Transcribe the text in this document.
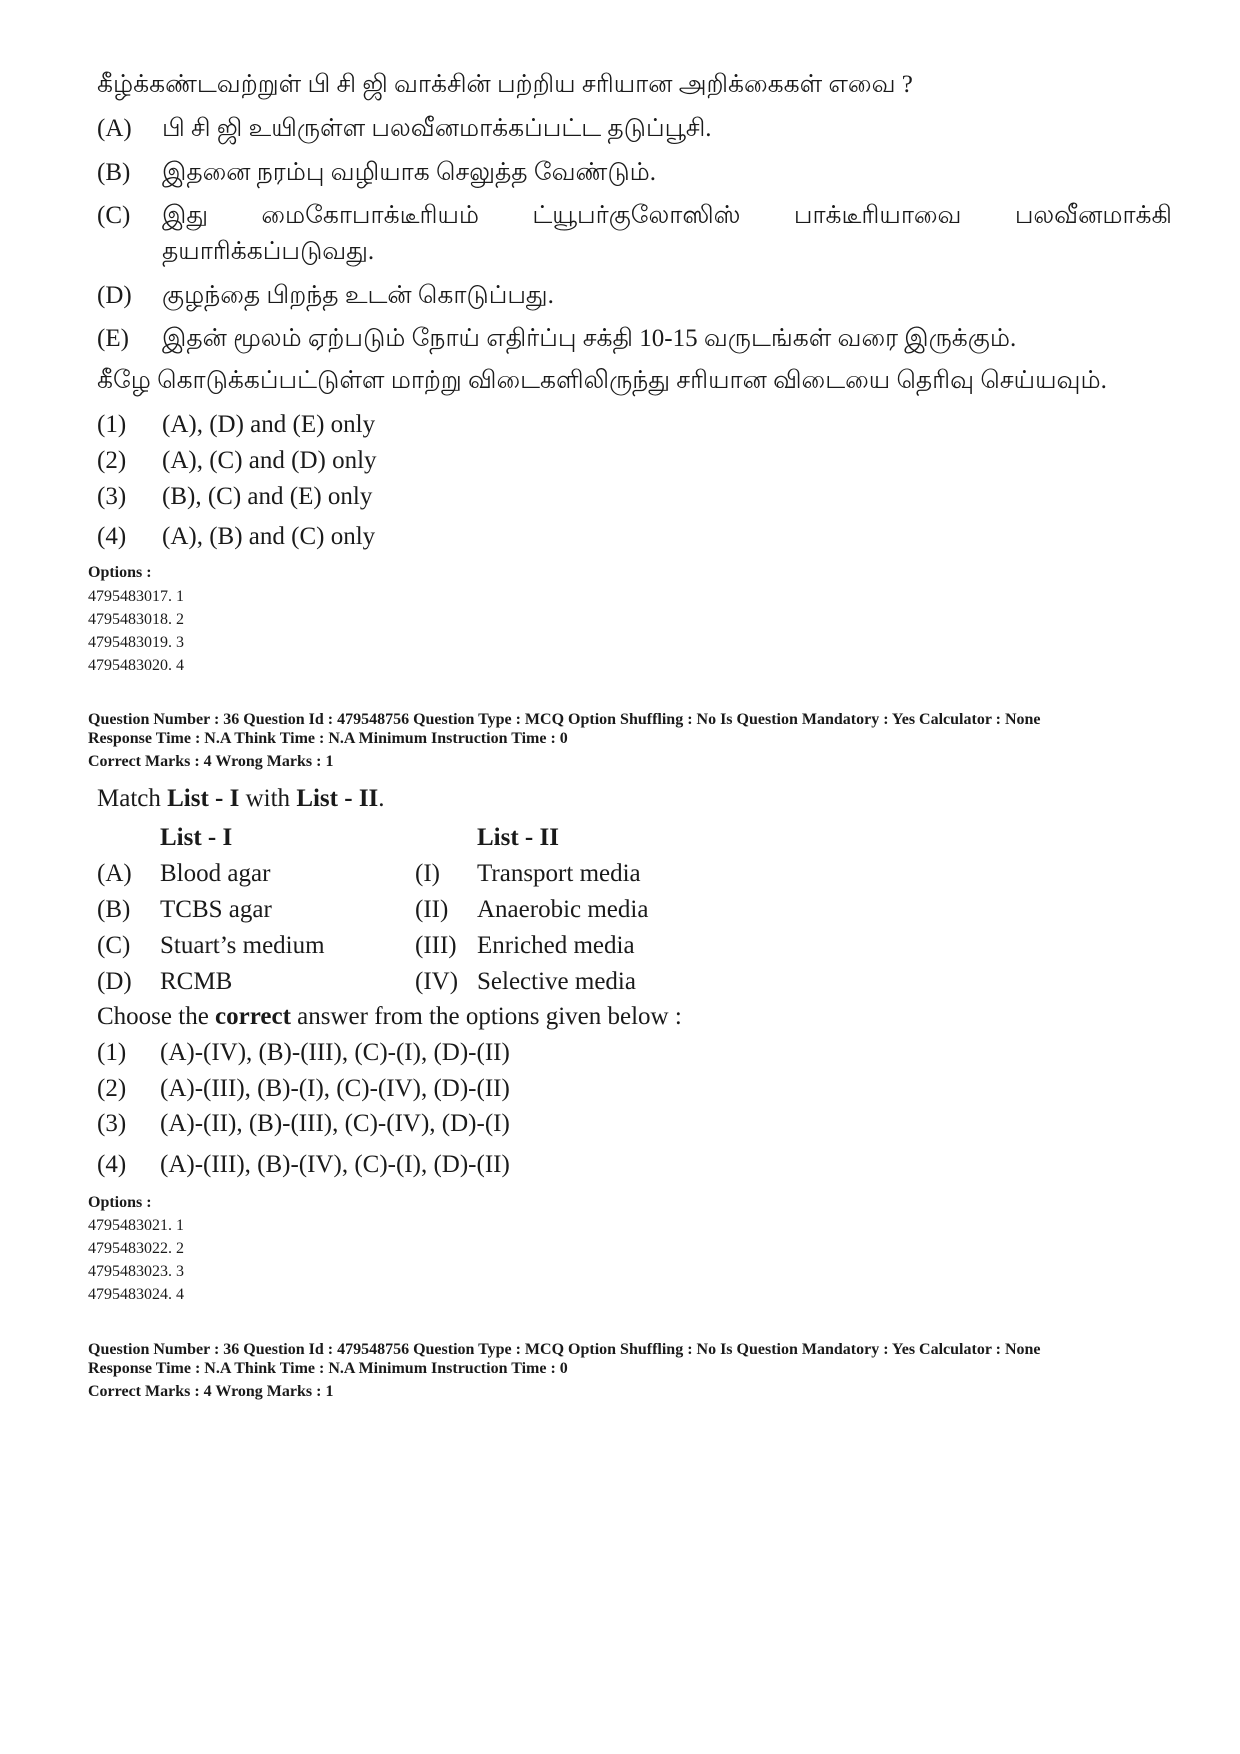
கீழ்க்கண்டவற்றுள் பி சி ஜி வாக்சின் பற்றிய சரியான அறிக்கைகள் எவை ?
(A)	பி சி ஜி உயிருள்ள பலவீனமாக்கப்பட்ட தடுப்பூசி.
(B)	இதனை நரம்பு வழியாக செலுத்த வேண்டும்.
(C)	இது மைகோபாக்டீரியம் ட்யூபர்குலோஸிஸ் பாக்டீரியாவை பலவீனமாக்கி
தயாரிக்கப்படுவது.
(D)	குழந்தை பிறந்த உடன் கொடுப்பது.
(E)	இதன் மூலம் ஏற்படும் நோய் எதிர்ப்பு சக்தி 10-15 வருடங்கள் வரை இருக்கும்.
கீழே கொடுக்கப்பட்டுள்ள மாற்று விடைகளிலிருந்து சரியான விடையை தெரிவு செய்யவும்.
(1)	(A), (D) and (E) only
(2)	(A), (C) and (D) only
(3)	(B), (C) and (E) only
(4)	(A), (B) and (C) only
Options :
4795483017. 1
4795483018. 2
4795483019. 3
4795483020. 4
Question Number : 36 Question Id : 479548756 Question Type : MCQ Option Shuffling : No Is Question Mandatory : Yes Calculator : None
Response Time : N.A Think Time : N.A Minimum Instruction Time : 0
Correct Marks : 4 Wrong Marks : 1
Match List - I with List - II.
List - I	List - II
(A) Blood agar	(I) Transport media
(B) TCBS agar	(II) Anaerobic media
(C) Stuart’s medium	(III) Enriched media
(D) RCMB	(IV) Selective media
Choose the correct answer from the options given below :
(1) (A)-(IV), (B)-(III), (C)-(I), (D)-(II)
(2) (A)-(III), (B)-(I), (C)-(IV), (D)-(II)
(3) (A)-(II), (B)-(III), (C)-(IV), (D)-(I)
(4) (A)-(III), (B)-(IV), (C)-(I), (D)-(II)
Options :
4795483021. 1
4795483022. 2
4795483023. 3
4795483024. 4
Question Number : 36 Question Id : 479548756 Question Type : MCQ Option Shuffling : No Is Question Mandatory : Yes Calculator : None
Response Time : N.A Think Time : N.A Minimum Instruction Time : 0
Correct Marks : 4 Wrong Marks : 1
